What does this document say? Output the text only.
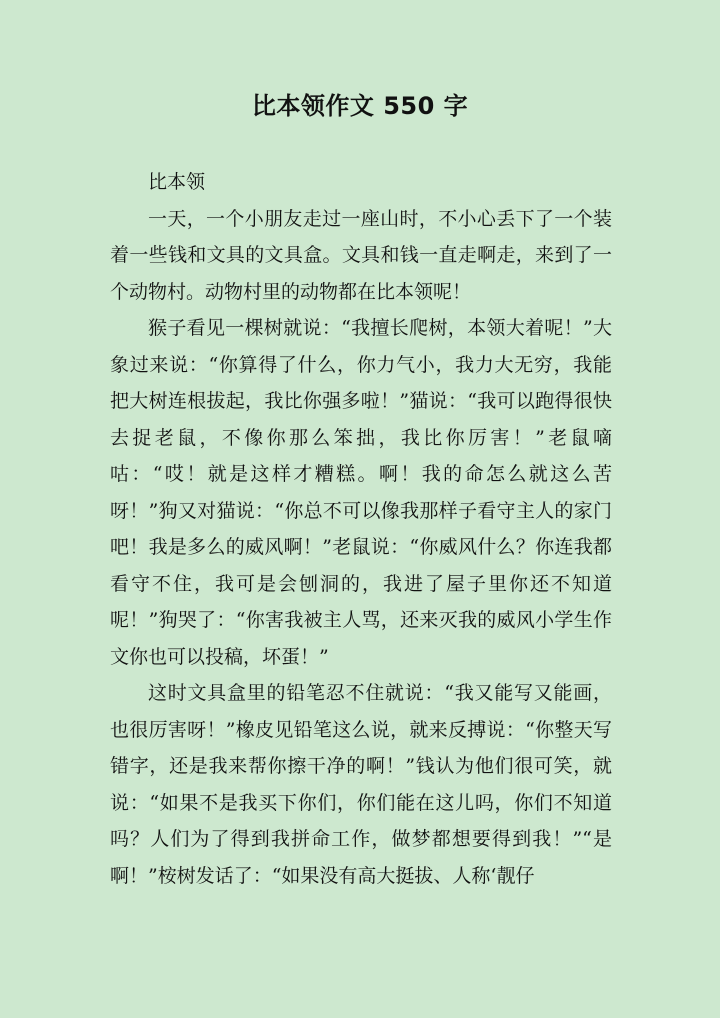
比本领作文 550 字

比本领

一天，一个小朋友走过一座山时，不小心丢下了一个装着一些钱和文具的文具盒。文具和钱一直走啊走，来到了一个动物村。动物村里的动物都在比本领呢！

猴子看见一棵树就说：“我擅长爬树，本领大着呢！”大象过来说：“你算得了什么，你力气小，我力大无穷，我能把大树连根拔起，我比你强多啦！”猫说：“我可以跑得很快去捉老鼠，不像你那么笨拙，我比你厉害！”老鼠嘀咕：“哎！就是这样才糟糕。啊！我的命怎么就这么苦呀！”狗又对猫说：“你总不可以像我那样子看守主人的家门吧！我是多么的威风啊！”老鼠说：“你威风什么？你连我都看守不住，我可是会刨洞的，我进了屋子里你还不知道呢！”狗哭了：“你害我被主人骂，还来灭我的威风小学生作文你也可以投稿，坏蛋！”

这时文具盒里的铅笔忍不住就说：“我又能写又能画，也很厉害呀！”橡皮见铅笔这么说，就来反搏说：“你整天写错字，还是我来帮你擦干净的啊！”钱认为他们很可笑，就说：“如果不是我买下你们，你们能在这儿吗，你们不知道吗？人们为了得到我拼命工作，做梦都想要得到我！”“是啊！”桉树发话了：“如果没有高大挺拔、人称‘靓仔
